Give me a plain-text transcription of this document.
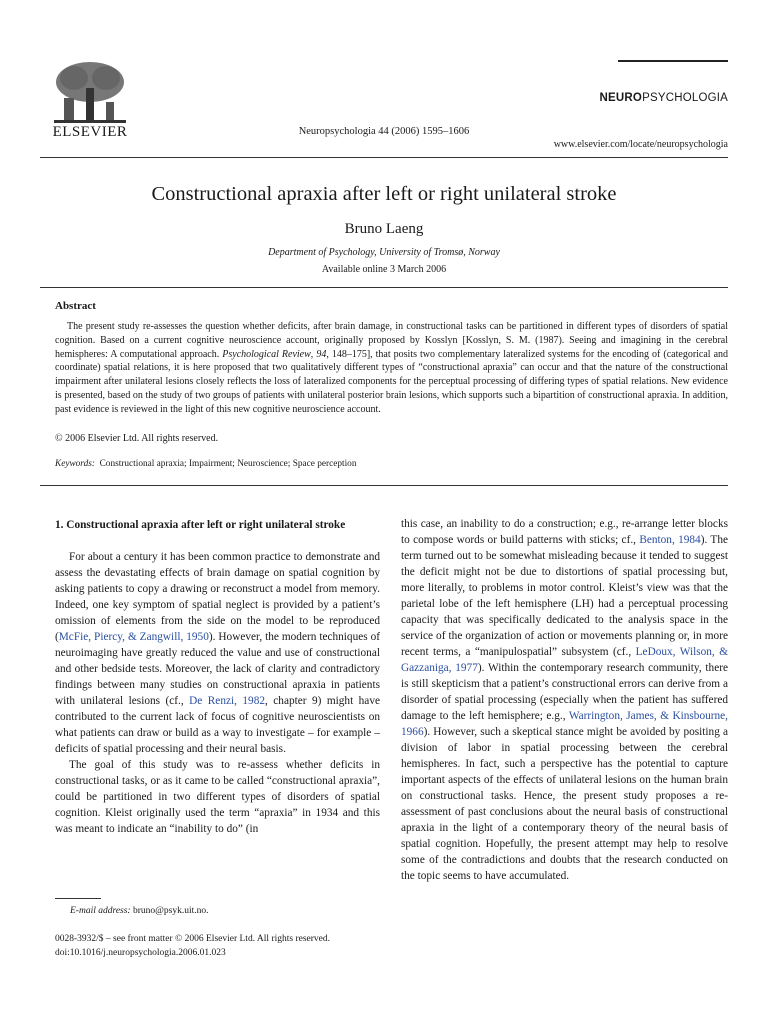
ELSEVIER	Neuropsychologia 44 (2006) 1595–1606
NEUROPSYCHOLOGIA
www.elsevier.com/locate/neuropsychologia
Constructional apraxia after left or right unilateral stroke
Bruno Laeng
Department of Psychology, University of Tromsø, Norway
Available online 3 March 2006
Abstract

The present study re-assesses the question whether deficits, after brain damage, in constructional tasks can be partitioned in different types of disorders of spatial cognition. Based on a current cognitive neuroscience account, originally proposed by Kosslyn [Kosslyn, S. M. (1987). Seeing and imagining in the cerebral hemispheres: A computational approach. Psychological Review, 94, 148–175], that posits two complementary lateralized systems for the encoding of (categorical and coordinate) spatial relations, it is here proposed that two qualitatively different types of “constructional apraxia” can occur and that the nature of the constructional impairment after unilateral lesions closely reflects the loss of lateralized components for the perceptual processing of differing types of spatial relations. New evidence is presented, based on the study of two groups of patients with unilateral posterior brain lesions, which supports such a bipartition of constructional apraxia. In addition, past evidence is reviewed in the light of this new cognitive neuroscience account.

© 2006 Elsevier Ltd. All rights reserved.
Keywords: Constructional apraxia; Impairment; Neuroscience; Space perception

1. Constructional apraxia after left or right unilateral stroke

For about a century it has been common practice to demonstrate and assess the devastating effects of brain damage on spatial cognition by asking patients to copy a drawing or reconstruct a model from memory. Indeed, one key symptom of spatial neglect is provided by a patient’s omission of elements from the side on the model to be reproduced (McFie, Piercy, & Zangwill, 1950). However, the modern techniques of neuroimaging have greatly reduced the value and use of constructional and other bedside tests. Moreover, the lack of clarity and contradictory findings between many studies on constructional apraxia in patients with unilateral lesions (cf., De Renzi, 1982, chapter 9) might have contributed to the current lack of focus of cognitive neuroscientists on what patients can draw or build as a way to investigate – for example – deficits of spatial processing and their neural basis.

The goal of this study was to re-assess whether deficits in constructional tasks, or as it came to be called “constructional apraxia”, could be partitioned in two different types of disorders of spatial cognition. Kleist originally used the term “apraxia” in 1934 and this was meant to indicate an “inability to do” (in

this case, an inability to do a construction; e.g., re-arrange letter blocks to compose words or build patterns with sticks; cf., Benton, 1984). The term turned out to be somewhat misleading because it tended to suggest the deficit might not be due to distortions of spatial processing but, more literally, to problems in motor control. Kleist’s view was that the parietal lobe of the left hemisphere (LH) had a perceptual processing capacity that was specifically dedicated to the analysis space in the service of the organization of action or movements planning or, in more recent terms, a “manipulospatial” subsystem (cf., LeDoux, Wilson, & Gazzaniga, 1977). Within the contemporary research community, there is still skepticism that a patient’s constructional errors can derive from a disorder of spatial processing (especially when the patient has suffered damage to the left hemisphere; e.g., Warrington, James, & Kinsbourne, 1966). However, such a skeptical stance might be avoided by positing a division of labor in spatial processing between the cerebral hemispheres. In fact, such a perspective has the potential to capture important aspects of the effects of unilateral lesions on the human brain on constructional tasks. Hence, the present study proposes a re-assessment of past conclusions about the neural basis of constructional apraxia in the light of a contemporary theory of the neural basis of spatial cognition. Hopefully, the present attempt may help to resolve some of the contradictions and doubts that the research conducted on the topic seems to have accumulated.

E-mail address: bruno@psyk.uit.no.
0028-3932/$ – see front matter © 2006 Elsevier Ltd. All rights reserved.
doi:10.1016/j.neuropsychologia.2006.01.023
